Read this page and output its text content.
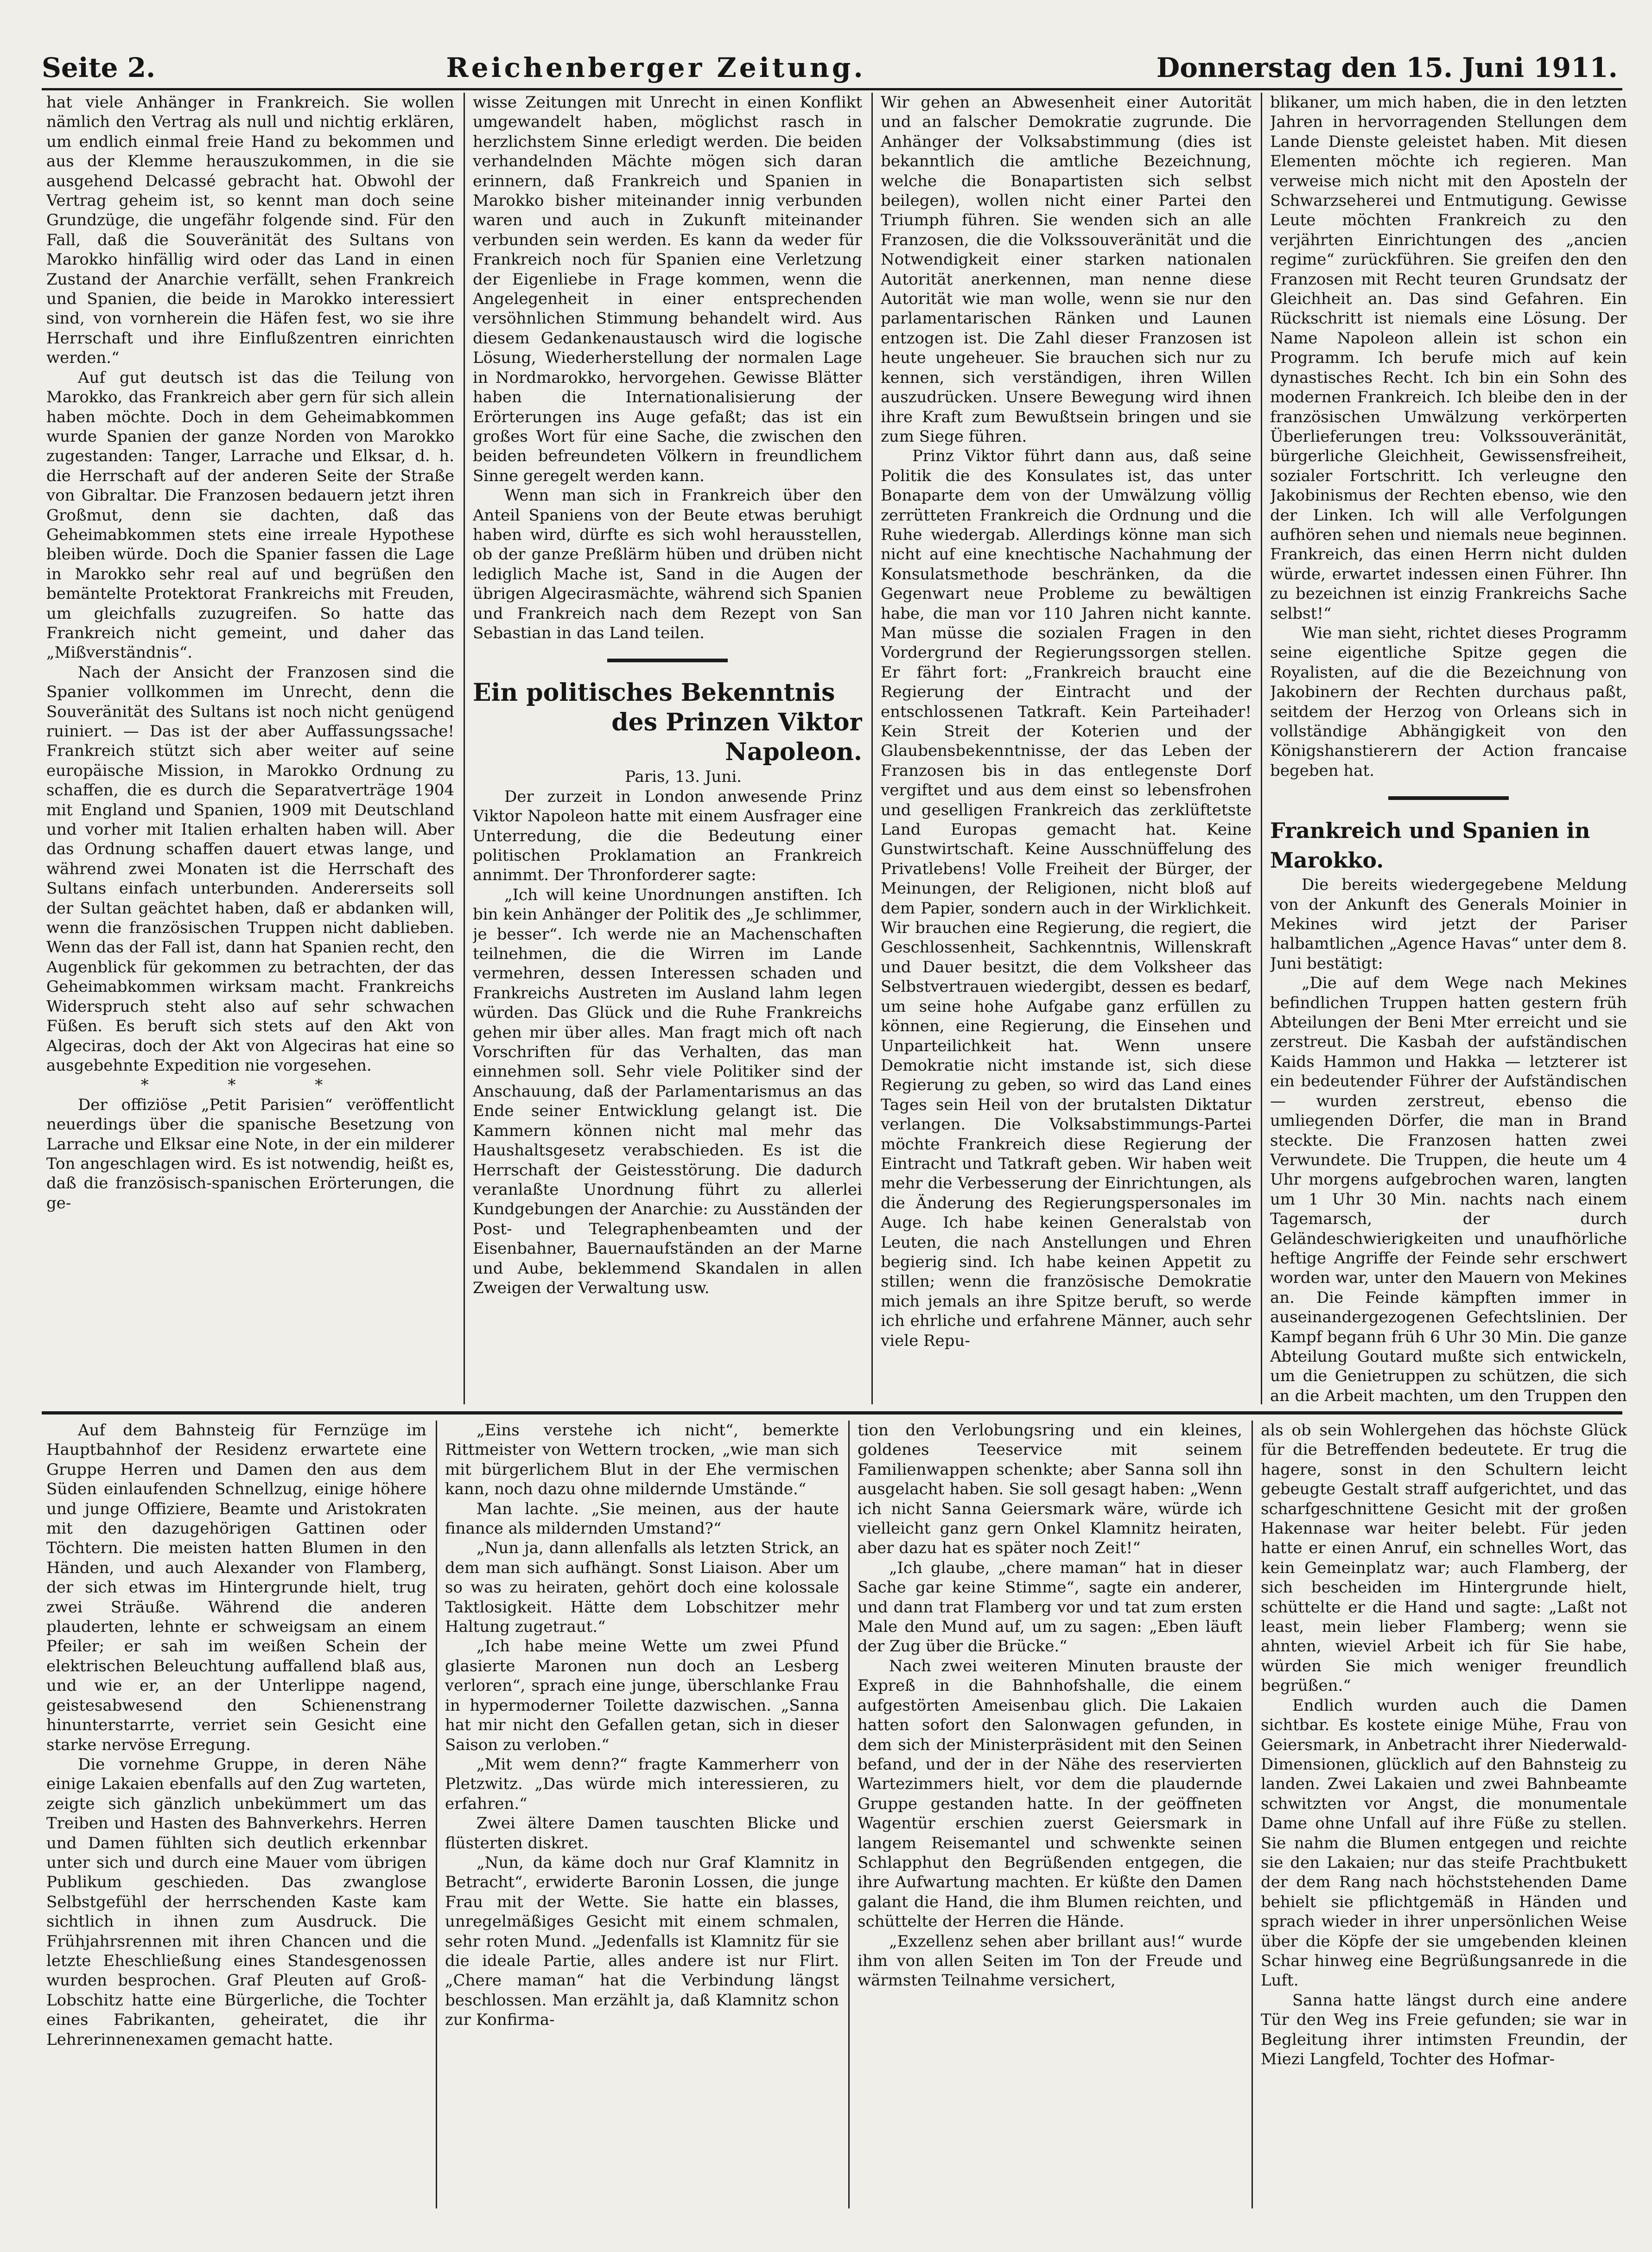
Seite 2.	Reichenberger Zeitung.	Donnerstag den 15. Juni 1911.

hat viele Anhänger in Frankreich. Sie wollen nämlich den Vertrag als null und nichtig erklären, um endlich einmal freie Hand zu bekommen und aus der Klemme herauszukommen, in die sie ausgehend Delcassé gebracht hat. Obwohl der Vertrag geheim ist, so kennt man doch seine Grundzüge, die ungefähr folgende sind. Für den Fall, daß die Souveränität des Sultans von Marokko hinfällig wird oder das Land in einen Zustand der Anarchie verfällt, sehen Frankreich und Spanien, die beide in Marokko interessiert sind, von vornherein die Häfen fest, wo sie ihre Herrschaft und ihre Einflußzentren einrichten werden.“

Auf gut deutsch ist das die Teilung von Marokko, das Frankreich aber gern für sich allein haben möchte. Doch in dem Geheimabkommen wurde Spanien der ganze Norden von Marokko zugestanden: Tanger, Larrache und Elksar, d. h. die Herrschaft auf der anderen Seite der Straße von Gibraltar. Die Franzosen bedauern jetzt ihren Großmut, denn sie dachten, daß das Geheimabkommen stets eine irreale Hypothese bleiben würde. Doch die Spanier fassen die Lage in Marokko sehr real auf und begrüßen den bemäntelte Protektorat Frankreichs mit Freuden, um gleichfalls zuzugreifen. So hatte das Frankreich nicht gemeint, und daher das „Mißverständnis“.

Nach der Ansicht der Franzosen sind die Spanier vollkommen im Unrecht, denn die Souveränität des Sultans ist noch nicht genügend ruiniert. — Das ist der aber Auffassungssache! Frankreich stützt sich aber weiter auf seine europäische Mission, in Marokko Ordnung zu schaffen, die es durch die Separatverträge 1904 mit England und Spanien, 1909 mit Deutschland und vorher mit Italien erhalten haben will. Aber das Ordnung schaffen dauert etwas lange, und während zwei Monaten ist die Herrschaft des Sultans einfach unterbunden. Andererseits soll der Sultan geächtet haben, daß er abdanken will, wenn die französischen Truppen nicht dablieben. Wenn das der Fall ist, dann hat Spanien recht, den Augenblick für gekommen zu betrachten, der das Geheimabkommen wirksam macht. Frankreichs Widerspruch steht also auf sehr schwachen Füßen. Es beruft sich stets auf den Akt von Algeciras, doch der Akt von Algeciras hat eine so ausgebehnte Expedition nie vorgesehen.

* * *

Der offiziöse „Petit Parisien“ veröffentlicht neuerdings über die spanische Besetzung von Larrache und Elksar eine Note, in der ein milderer Ton angeschlagen wird. Es ist notwendig, heißt es, daß die französisch-spanischen Erörterungen, die ge-

wisse Zeitungen mit Unrecht in einen Konflikt umgewandelt haben, möglichst rasch in herzlichstem Sinne erledigt werden. Die beiden verhandelnden Mächte mögen sich daran erinnern, daß Frankreich und Spanien in Marokko bisher miteinander innig verbunden waren und auch in Zukunft miteinander verbunden sein werden. Es kann da weder für Frankreich noch für Spanien eine Verletzung der Eigenliebe in Frage kommen, wenn die Angelegenheit in einer entsprechenden versöhnlichen Stimmung behandelt wird. Aus diesem Gedankenaustausch wird die logische Lösung, Wiederherstellung der normalen Lage in Nordmarokko, hervorgehen. Gewisse Blätter haben die Internationalisierung der Erörterungen ins Auge gefaßt; das ist ein großes Wort für eine Sache, die zwischen den beiden befreundeten Völkern in freundlichem Sinne geregelt werden kann.

Wenn man sich in Frankreich über den Anteil Spaniens von der Beute etwas beruhigt haben wird, dürfte es sich wohl herausstellen, ob der ganze Preßlärm hüben und drüben nicht lediglich Mache ist, Sand in die Augen der übrigen Algecirasmächte, während sich Spanien und Frankreich nach dem Rezept von San Sebastian in das Land teilen.

Ein politisches Bekenntnis

des Prinzen Viktor Napoleon.

Paris, 13. Juni.

Der zurzeit in London anwesende Prinz Viktor Napoleon hatte mit einem Ausfrager eine Unterredung, die die Bedeutung einer politischen Proklamation an Frankreich annimmt. Der Thronforderer sagte:

„Ich will keine Unordnungen anstiften. Ich bin kein Anhänger der Politik des „Je schlimmer, je besser“. Ich werde nie an Machenschaften teilnehmen, die die Wirren im Lande vermehren, dessen Interessen schaden und Frankreichs Austreten im Ausland lahm legen würden. Das Glück und die Ruhe Frankreichs gehen mir über alles. Man fragt mich oft nach Vorschriften für das Verhalten, das man einnehmen soll. Sehr viele Politiker sind der Anschauung, daß der Parlamentarismus an das Ende seiner Entwicklung gelangt ist. Die Kammern können nicht mal mehr das Haushaltsgesetz verabschieden. Es ist die Herrschaft der Geistesstörung. Die dadurch veranlaßte Unordnung führt zu allerlei Kundgebungen der Anarchie: zu Ausständen der Post- und Telegraphenbeamten und der Eisenbahner, Bauernaufständen an der Marne und Aube, beklemmend Skandalen in allen Zweigen der Verwaltung usw.

Wir gehen an Abwesenheit einer Autorität und an falscher Demokratie zugrunde. Die Anhänger der Volksabstimmung (dies ist bekanntlich die amtliche Bezeichnung, welche die Bonapartisten sich selbst beilegen), wollen nicht einer Partei den Triumph führen. Sie wenden sich an alle Franzosen, die die Volkssouveränität und die Notwendigkeit einer starken nationalen Autorität anerkennen, man nenne diese Autorität wie man wolle, wenn sie nur den parlamentarischen Ränken und Launen entzogen ist. Die Zahl dieser Franzosen ist heute ungeheuer. Sie brauchen sich nur zu kennen, sich verständigen, ihren Willen auszudrücken. Unsere Bewegung wird ihnen ihre Kraft zum Bewußtsein bringen und sie zum Siege führen.

Prinz Viktor führt dann aus, daß seine Politik die des Konsulates ist, das unter Bonaparte dem von der Umwälzung völlig zerrütteten Frankreich die Ordnung und die Ruhe wiedergab. Allerdings könne man sich nicht auf eine knechtische Nachahmung der Konsulatsmethode beschränken, da die Gegenwart neue Probleme zu bewältigen habe, die man vor 110 Jahren nicht kannte. Man müsse die sozialen Fragen in den Vordergrund der Regierungssorgen stellen. Er fährt fort: „Frankreich braucht eine Regierung der Eintracht und der entschlossenen Tatkraft. Kein Parteihader! Kein Streit der Koterien und der Glaubensbekenntnisse, der das Leben der Franzosen bis in das entlegenste Dorf vergiftet und aus dem einst so lebensfrohen und geselligen Frankreich das zerklüftetste Land Europas gemacht hat. Keine Gunstwirtschaft. Keine Ausschnüffelung des Privatlebens! Volle Freiheit der Bürger, der Meinungen, der Religionen, nicht bloß auf dem Papier, sondern auch in der Wirklichkeit. Wir brauchen eine Regierung, die regiert, die Geschlossenheit, Sachkenntnis, Willenskraft und Dauer besitzt, die dem Volksheer das Selbstvertrauen wiedergibt, dessen es bedarf, um seine hohe Aufgabe ganz erfüllen zu können, eine Regierung, die Einsehen und Unparteilichkeit hat. Wenn unsere Demokratie nicht imstande ist, sich diese Regierung zu geben, so wird das Land eines Tages sein Heil von der brutalsten Diktatur verlangen. Die Volksabstimmungs-Partei möchte Frankreich diese Regierung der Eintracht und Tatkraft geben. Wir haben weit mehr die Verbesserung der Einrichtungen, als die Änderung des Regierungspersonales im Auge. Ich habe keinen Generalstab von Leuten, die nach Anstellungen und Ehren begierig sind. Ich habe keinen Appetit zu stillen; wenn die französische Demokratie mich jemals an ihre Spitze beruft, so werde ich ehrliche und erfahrene Männer, auch sehr viele Repu-

blikaner, um mich haben, die in den letzten Jahren in hervorragenden Stellungen dem Lande Dienste geleistet haben. Mit diesen Elementen möchte ich regieren. Man verweise mich nicht mit den Aposteln der Schwarzseherei und Entmutigung. Gewisse Leute möchten Frankreich zu den verjährten Einrichtungen des „ancien regime“ zurückführen. Sie greifen den den Franzosen mit Recht teuren Grundsatz der Gleichheit an. Das sind Gefahren. Ein Rückschritt ist niemals eine Lösung. Der Name Napoleon allein ist schon ein Programm. Ich berufe mich auf kein dynastisches Recht. Ich bin ein Sohn des modernen Frankreich. Ich bleibe den in der französischen Umwälzung verkörperten Überlieferungen treu: Volkssouveränität, bürgerliche Gleichheit, Gewissensfreiheit, sozialer Fortschritt. Ich verleugne den Jakobinismus der Rechten ebenso, wie den der Linken. Ich will alle Verfolgungen aufhören sehen und niemals neue beginnen. Frankreich, das einen Herrn nicht dulden würde, erwartet indessen einen Führer. Ihn zu bezeichnen ist einzig Frankreichs Sache selbst!“

Wie man sieht, richtet dieses Programm seine eigentliche Spitze gegen die Royalisten, auf die die Bezeichnung von Jakobinern der Rechten durchaus paßt, seitdem der Herzog von Orleans sich in vollständige Abhängigkeit von den Königshanstierern der Action francaise begeben hat.

Frankreich und Spanien in Marokko.

Die bereits wiedergegebene Meldung von der Ankunft des Generals Moinier in Mekines wird jetzt der Pariser halbamtlichen „Agence Havas“ unter dem 8. Juni bestätigt:

„Die auf dem Wege nach Mekines befindlichen Truppen hatten gestern früh Abteilungen der Beni Mter erreicht und sie zerstreut. Die Kasbah der aufständischen Kaids Hammon und Hakka — letzterer ist ein bedeutender Führer der Aufständischen — wurden zerstreut, ebenso die umliegenden Dörfer, die man in Brand steckte. Die Franzosen hatten zwei Verwundete. Die Truppen, die heute um 4 Uhr morgens aufgebrochen waren, langten um 1 Uhr 30 Min. nachts nach einem Tagemarsch, der durch Geländeschwierigkeiten und unaufhörliche heftige Angriffe der Feinde sehr erschwert worden war, unter den Mauern von Mekines an. Die Feinde kämpften immer in auseinandergezogenen Gefechtslinien. Der Kampf begann früh 6 Uhr 30 Min. Die ganze Abteilung Goutard mußte sich entwickeln, um die Genietruppen zu schützen, die sich an die Arbeit machten, um den Truppen den

Auf dem Bahnsteig für Fernzüge im Hauptbahnhof der Residenz erwartete eine Gruppe Herren und Damen den aus dem Süden einlaufenden Schnellzug, einige höhere und junge Offiziere, Beamte und Aristokraten mit den dazugehörigen Gattinen oder Töchtern. Die meisten hatten Blumen in den Händen, und auch Alexander von Flamberg, der sich etwas im Hintergrunde hielt, trug zwei Sträuße. Während die anderen plauderten, lehnte er schweigsam an einem Pfeiler; er sah im weißen Schein der elektrischen Beleuchtung auffallend blaß aus, und wie er, an der Unterlippe nagend, geistesabwesend den Schienenstrang hinunterstarrte, verriet sein Gesicht eine starke nervöse Erregung.

Die vornehme Gruppe, in deren Nähe einige Lakaien ebenfalls auf den Zug warteten, zeigte sich gänzlich unbekümmert um das Treiben und Hasten des Bahnverkehrs. Herren und Damen fühlten sich deutlich erkennbar unter sich und durch eine Mauer vom übrigen Publikum geschieden. Das zwanglose Selbstgefühl der herrschenden Kaste kam sichtlich in ihnen zum Ausdruck. Die Frühjahrsrennen mit ihren Chancen und die letzte Eheschließung eines Standesgenossen wurden besprochen. Graf Pleuten auf Groß-Lobschitz hatte eine Bürgerliche, die Tochter eines Fabrikanten, geheiratet, die ihr Lehrerinnenexamen gemacht hatte.

„Eins verstehe ich nicht“, bemerkte Rittmeister von Wettern trocken, „wie man sich mit bürgerlichem Blut in der Ehe vermischen kann, noch dazu ohne mildernde Umstände.“

Man lachte. „Sie meinen, aus der haute finance als mildernden Umstand?“

„Nun ja, dann allenfalls als letzten Strick, an dem man sich aufhängt. Sonst Liaison. Aber um so was zu heiraten, gehört doch eine kolossale Taktlosigkeit. Hätte dem Lobschitzer mehr Haltung zugetraut.“

„Ich habe meine Wette um zwei Pfund glasierte Maronen nun doch an Lesberg verloren“, sprach eine junge, überschlanke Frau in hypermoderner Toilette dazwischen. „Sanna hat mir nicht den Gefallen getan, sich in dieser Saison zu verloben.“

„Mit wem denn?“ fragte Kammerherr von Pletzwitz. „Das würde mich interessieren, zu erfahren.“

Zwei ältere Damen tauschten Blicke und flüsterten diskret.

„Nun, da käme doch nur Graf Klamnitz in Betracht“, erwiderte Baronin Lossen, die junge Frau mit der Wette. Sie hatte ein blasses, unregelmäßiges Gesicht mit einem schmalen, sehr roten Mund. „Jedenfalls ist Klamnitz für sie die ideale Partie, alles andere ist nur Flirt. „Chere maman“ hat die Verbindung längst beschlossen. Man erzählt ja, daß Klamnitz schon zur Konfirma-

tion den Verlobungsring und ein kleines, goldenes Teeservice mit seinem Familienwappen schenkte; aber Sanna soll ihn ausgelacht haben. Sie soll gesagt haben: „Wenn ich nicht Sanna Geiersmark wäre, würde ich vielleicht ganz gern Onkel Klamnitz heiraten, aber dazu hat es später noch Zeit!“

„Ich glaube, „chere maman“ hat in dieser Sache gar keine Stimme“, sagte ein anderer, und dann trat Flamberg vor und tat zum ersten Male den Mund auf, um zu sagen: „Eben läuft der Zug über die Brücke.“

Nach zwei weiteren Minuten brauste der Expreß in die Bahnhofshalle, die einem aufgestörten Ameisenbau glich. Die Lakaien hatten sofort den Salonwagen gefunden, in dem sich der Ministerpräsident mit den Seinen befand, und der in der Nähe des reservierten Wartezimmers hielt, vor dem die plaudernde Gruppe gestanden hatte. In der geöffneten Wagentür erschien zuerst Geiersmark in langem Reisemantel und schwenkte seinen Schlapphut den Begrüßenden entgegen, die ihre Aufwartung machten. Er küßte den Damen galant die Hand, die ihm Blumen reichten, und schüttelte der Herren die Hände.

„Exzellenz sehen aber brillant aus!“ wurde ihm von allen Seiten im Ton der Freude und wärmsten Teilnahme versichert,

als ob sein Wohlergehen das höchste Glück für die Betreffenden bedeutete. Er trug die hagere, sonst in den Schultern leicht gebeugte Gestalt straff aufgerichtet, und das scharfgeschnittene Gesicht mit der großen Hakennase war heiter belebt. Für jeden hatte er einen Anruf, ein schnelles Wort, das kein Gemeinplatz war; auch Flamberg, der sich bescheiden im Hintergrunde hielt, schüttelte er die Hand und sagte: „Laßt not least, mein lieber Flamberg; wenn sie ahnten, wieviel Arbeit ich für Sie habe, würden Sie mich weniger freundlich begrüßen.“

Endlich wurden auch die Damen sichtbar. Es kostete einige Mühe, Frau von Geiersmark, in Anbetracht ihrer Niederwald-Dimensionen, glücklich auf den Bahnsteig zu landen. Zwei Lakaien und zwei Bahnbeamte schwitzten vor Angst, die monumentale Dame ohne Unfall auf ihre Füße zu stellen. Sie nahm die Blumen entgegen und reichte sie den Lakaien; nur das steife Prachtbukett der dem Rang nach höchststehenden Dame behielt sie pflichtgemäß in Händen und sprach wieder in ihrer unpersönlichen Weise über die Köpfe der sie umgebenden kleinen Schar hinweg eine Begrüßungsanrede in die Luft.

Sanna hatte längst durch eine andere Tür den Weg ins Freie gefunden; sie war in Begleitung ihrer intimsten Freundin, der Miezi Langfeld, Tochter des Hofmar-
